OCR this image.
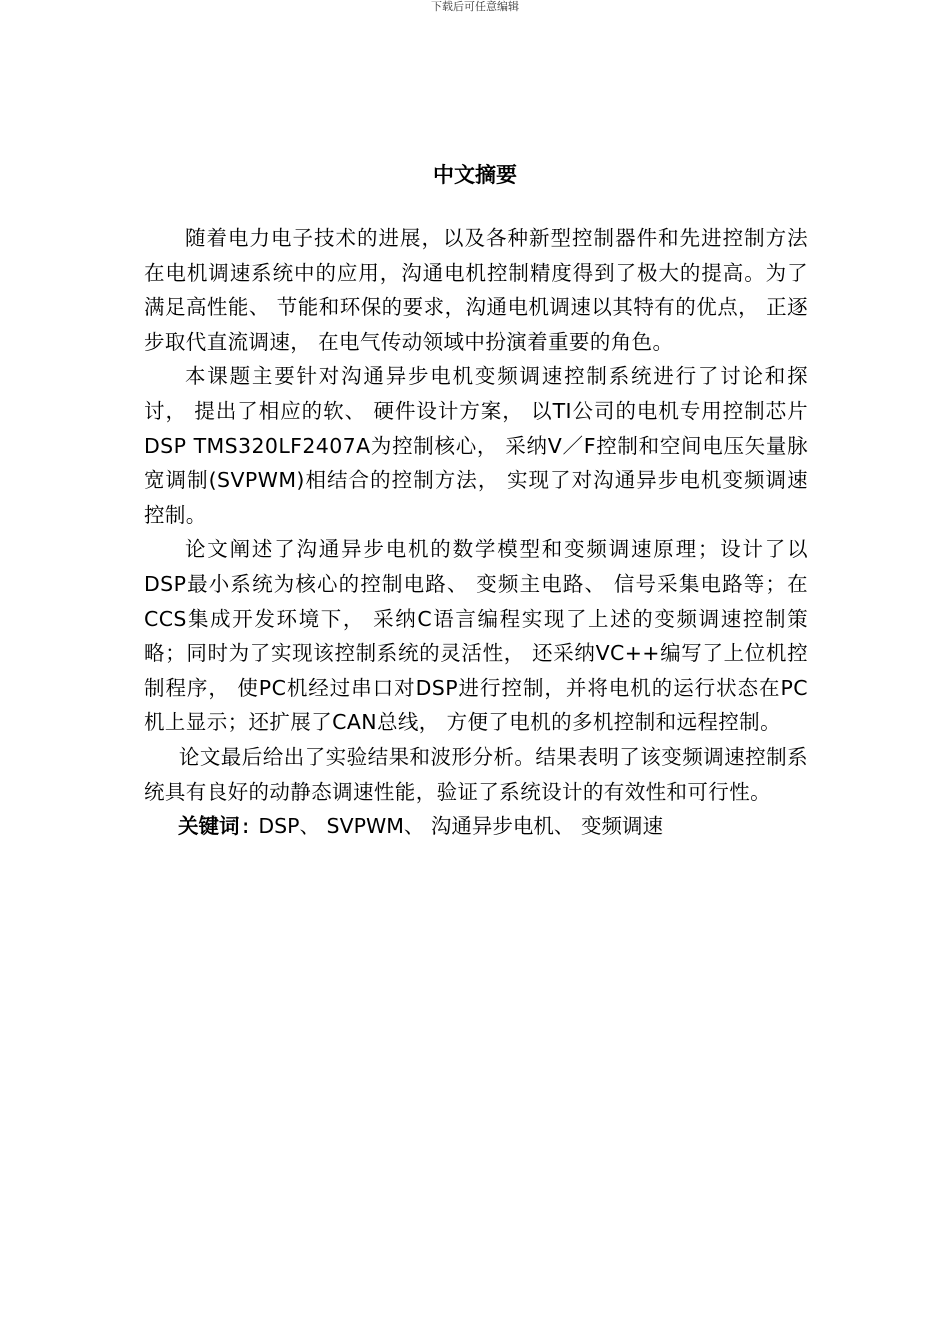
下载后可任意编辑
中文摘要

随着电力电子技术的进展，以及各种新型控制器件和先进控制方法在电机调速系统中的应用，沟通电机控制精度得到了极大的提高。为了满足高性能、 节能和环保的要求，沟通电机调速以其特有的优点， 正逐步取代直流调速， 在电气传动领域中扮演着重要的角色。

本课题主要针对沟通异步电机变频调速控制系统进行了讨论和探讨， 提出了相应的软、 硬件设计方案， 以TI公司的电机专用控制芯片DSP TMS320LF2407A为控制核心， 采纳V／F控制和空间电压矢量脉宽调制(SVPWM)相结合的控制方法， 实现了对沟通异步电机变频调速控制。

论文阐述了沟通异步电机的数学模型和变频调速原理；设计了以DSP最小系统为核心的控制电路、 变频主电路、 信号采集电路等；在CCS集成开发环境下， 采纳C语言编程实现了上述的变频调速控制策略；同时为了实现该控制系统的灵活性， 还采纳VC++编写了上位机控制程序， 使PC机经过串口对DSP进行控制，并将电机的运行状态在PC机上显示；还扩展了CAN总线， 方便了电机的多机控制和远程控制。

论文最后给出了实验结果和波形分析。结果表明了该变频调速控制系统具有良好的动静态调速性能，验证了系统设计的有效性和可行性。

关键词: DSP、 SVPWM、 沟通异步电机、 变频调速
